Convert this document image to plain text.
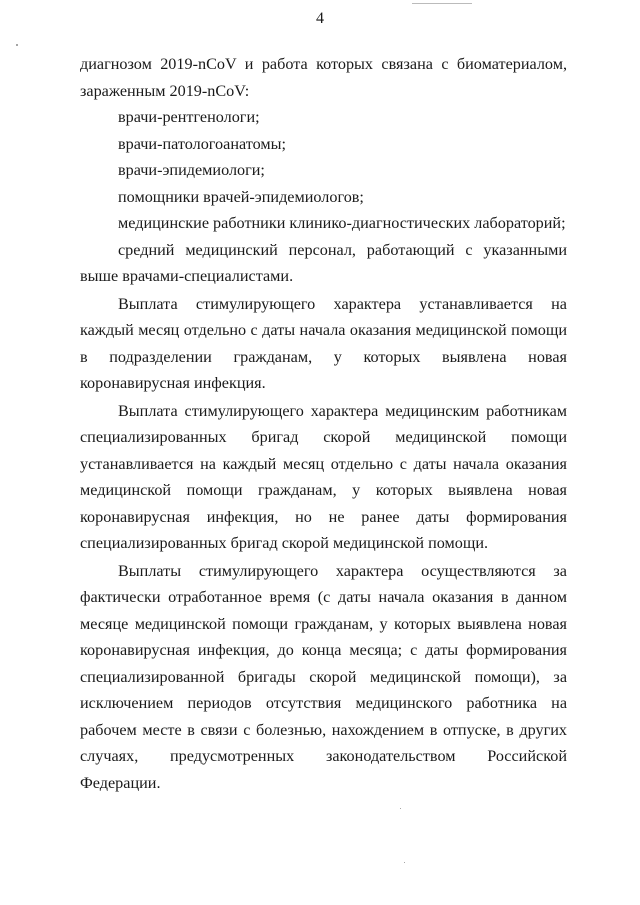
4

диагнозом 2019-nCoV и работа которых связана с биоматериалом, зараженным 2019-nCoV:

врачи-рентгенологи;

врачи-патологоанатомы;

врачи-эпидемиологи;

помощники врачей-эпидемиологов;

медицинские работники клинико-диагностических лабораторий;

средний медицинский персонал, работающий с указанными выше врачами-специалистами.

Выплата стимулирующего характера устанавливается на каждый месяц отдельно с даты начала оказания медицинской помощи в подразделении гражданам, у которых выявлена новая коронавирусная инфекция.

Выплата стимулирующего характера медицинским работникам специализированных бригад скорой медицинской помощи устанавливается на каждый месяц отдельно с даты начала оказания медицинской помощи гражданам, у которых выявлена новая коронавирусная инфекция, но не ранее даты формирования специализированных бригад скорой медицинской помощи.

Выплаты стимулирующего характера осуществляются за фактически отработанное время (с даты начала оказания в данном месяце медицинской помощи гражданам, у которых выявлена новая коронавирусная инфекция, до конца месяца; с даты формирования специализированной бригады скорой медицинской помощи), за исключением периодов отсутствия медицинского работника на рабочем месте в связи с болезнью, нахождением в отпуске, в других случаях, предусмотренных законодательством Российской Федерации.
